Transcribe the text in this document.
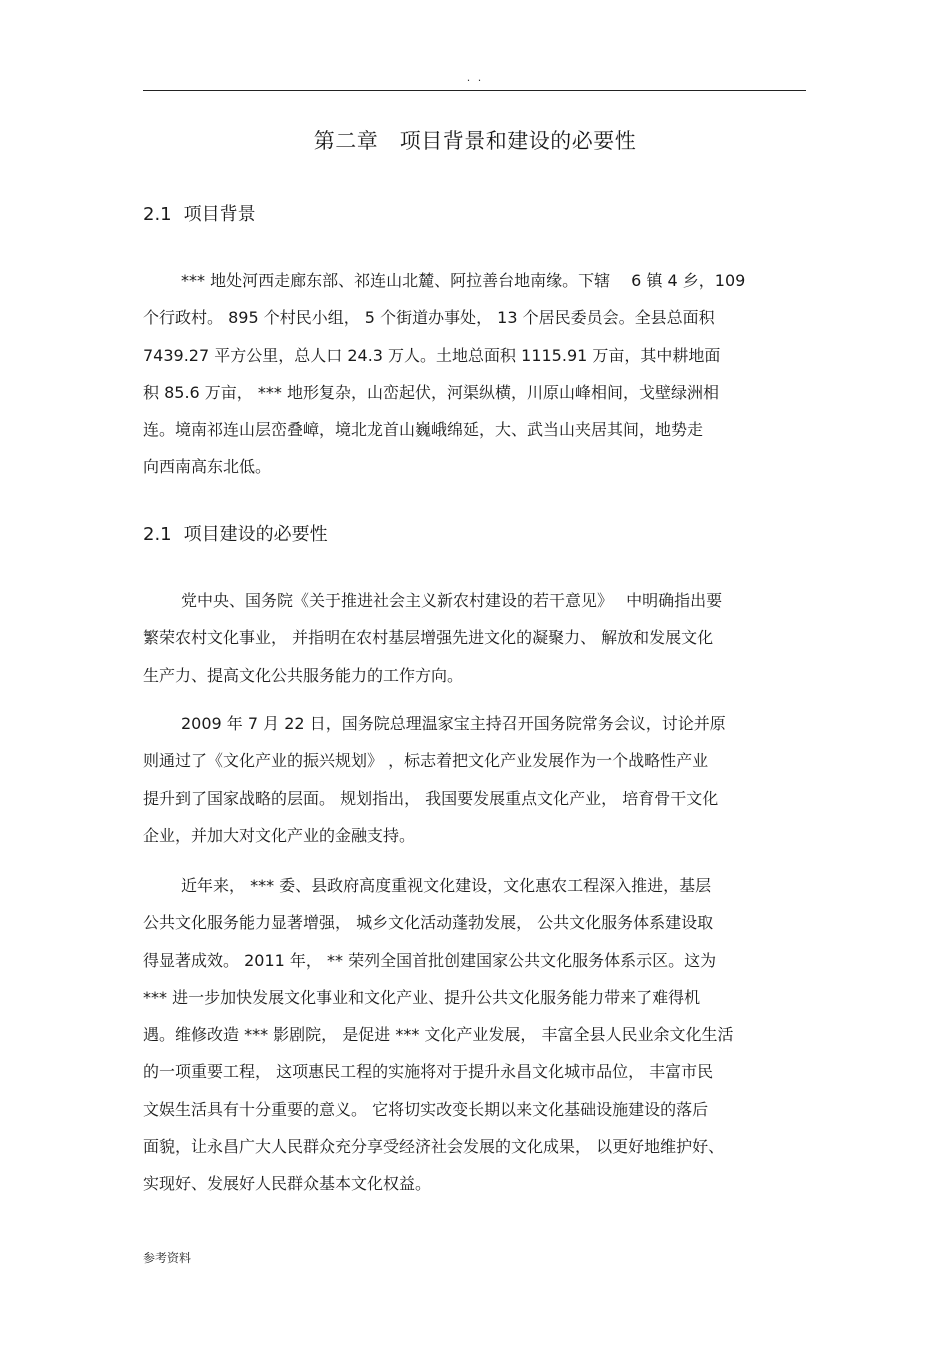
. .
第二章　项目背景和建设的必要性
2.1 项目背景
*** 地处河西走廊东部、祁连山北麓、阿拉善台地南缘。下辖　 6 镇 4 乡，109
个行政村。 895 个村民小组， 5 个街道办事处， 13 个居民委员会。全县总面积
7439.27 平方公里，总人口 24.3 万人。土地总面积 1115.91 万亩，其中耕地面
积 85.6 万亩， *** 地形复杂，山峦起伏，河渠纵横，川原山峰相间，戈壁绿洲相
连。境南祁连山层峦叠嶂，境北龙首山巍峨绵延，大、武当山夹居其间，地势走
向西南高东北低。
2.1 项目建设的必要性
党中央、国务院《关于推进社会主义新农村建设的若干意见》　 中明确指出要
繁荣农村文化事业， 并指明在农村基层增强先进文化的凝聚力、 解放和发展文化
生产力、提高文化公共服务能力的工作方向。
2009 年 7 月 22 日，国务院总理温家宝主持召开国务院常务会议，讨论并原
则通过了《文化产业的振兴规划》 ，标志着把文化产业发展作为一个战略性产业
提升到了国家战略的层面。 规划指出， 我国要发展重点文化产业， 培育骨干文化
企业，并加大对文化产业的金融支持。
近年来， *** 委、县政府高度重视文化建设，文化惠农工程深入推进，基层
公共文化服务能力显著增强， 城乡文化活动蓬勃发展， 公共文化服务体系建设取
得显著成效。 2011 年， ** 荣列全国首批创建国家公共文化服务体系示区。这为
*** 进一步加快发展文化事业和文化产业、提升公共文化服务能力带来了难得机
遇。维修改造 *** 影剧院， 是促进 *** 文化产业发展， 丰富全县人民业余文化生活
的一项重要工程， 这项惠民工程的实施将对于提升永昌文化城市品位， 丰富市民
文娱生活具有十分重要的意义。 它将切实改变长期以来文化基础设施建设的落后
面貌，让永昌广大人民群众充分享受经济社会发展的文化成果， 以更好地维护好、
实现好、发展好人民群众基本文化权益。
参考资料
